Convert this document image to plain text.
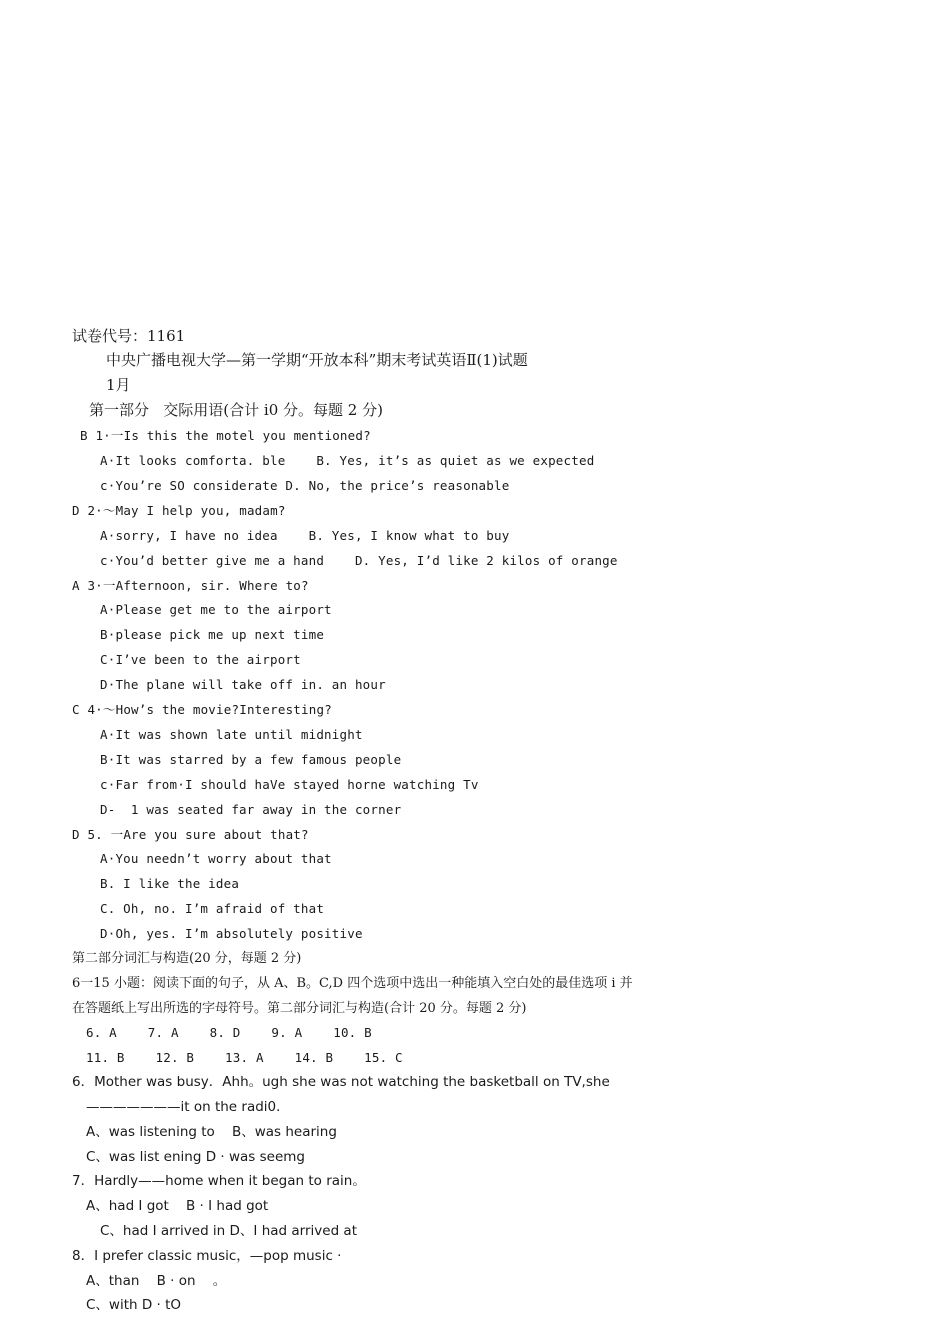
试卷代号：1161
中央广播电视大学—第一学期“开放本科”期末考试英语Ⅱ(1)试题
1月
第一部分   交际用语(合计 i0 分。每题 2 分)
B 1·一Is this the motel you mentioned?
A·It looks comforta. ble    B. Yes, it’s as quiet as we expected
c·You’re SO considerate D. No, the price’s reasonable
D 2·～May I help you, madam?
A·sorry, I have no idea    B. Yes, I know what to buy
c·You’d better give me a hand    D. Yes, I’d like 2 kilos of orange
A 3·一Afternoon, sir. Where to?
A·Please get me to the airport
B·please pick me up next time
C·I’ve been to the airport
D·The plane will take off in. an hour
C 4·～How’s the movie?Interesting?
A·It was shown late until midnight
B·It was starred by a few famous people
c·Far from·I should haVe stayed horne watching Tv
D-  1 was seated far away in the corner
D 5. 一Are you sure about that?
A·You needn’t worry about that
B. I like the idea
C. Oh, no. I’m afraid of that
D·Oh, yes. I’m absolutely positive
第二部分词汇与构造(20 分，每题 2 分)
6一15 小题：阅读下面的句子，从 A、B。C,D 四个选项中选出一种能填入空白处的最佳选项 i 并
在答题纸上写出所选的字母符号。第二部分词汇与构造(合计 20 分。每题 2 分)
6. A    7. A    8. D    9. A    10. B
11. B    12. B    13. A    14. B    15. C
6．Mother was busy．Ahh。ugh she was not watching the basketball on TV,she
———————it on the radi0．
A、was listening to    B、was hearing
C、was list ening D · was seemg
7．Hardly——home when it began to rain。
A、had I got    B · I had got
C、had I arrived in D、I had arrived at
8．I prefer classic music，—pop music ·
A、than    B · on    。
C、with D · tO
